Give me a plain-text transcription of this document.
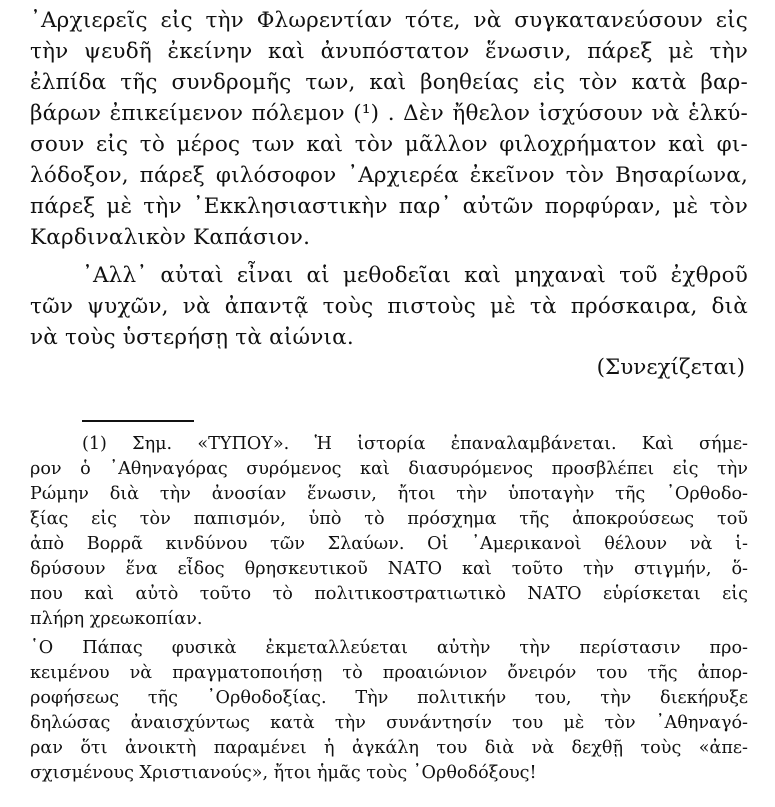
᾿Αρχιερεῖς εἰς τὴν Φλωρεντίαν τότε, νὰ συγκατανεύσουν εἰς
τὴν ψευδῆ ἐκείνην καὶ ἀνυπόστατον ἕνωσιν, πάρεξ μὲ τὴν
ἐλπίδα τῆς συνδρομῆς των, καὶ βοηθείας εἰς τὸν κατὰ βαρ-
βάρων ἐπικείμενον πόλεμον (¹) . Δὲν ἤθελον ἰσχύσουν νὰ ἑλκύ-
σουν εἰς τὸ μέρος των καὶ τὸν μᾶλλον φιλοχρήματον καὶ φι-
λόδοξον, πάρεξ φιλόσοφον ᾿Αρχιερέα ἐκεῖνον τὸν Βησαρίωνα,
πάρεξ μὲ τὴν ᾿Εκκλησιαστικὴν παρ᾿ αὐτῶν πορφύραν, μὲ τὸν
Καρδιναλικὸν Καπάσιον.
᾿Αλλ᾿ αὐταὶ εἶναι αἱ μεθοδεῖαι καὶ μηχαναὶ τοῦ ἐχθροῦ
τῶν ψυχῶν, νὰ ἀπαντᾷ τοὺς πιστοὺς μὲ τὰ πρόσκαιρα, διὰ
νὰ τοὺς ὑστερήσῃ τὰ αἰώνια.
(Συνεχίζεται)
(1) Σημ. «ΤΥΠΟΥ». Ἡ ἱστορία ἐπαναλαμβάνεται. Καὶ σήμε-
ρον ὁ ᾿Αθηναγόρας συρόμενος καὶ διασυρόμενος προσβλέπει εἰς τὴν
Ρώμην διὰ τὴν ἀνοσίαν ἕνωσιν, ἤτοι τὴν ὑποταγὴν τῆς ᾿Ορθοδο-
ξίας εἰς τὸν παπισμόν, ὑπὸ τὸ πρόσχημα τῆς ἀποκρούσεως τοῦ
ἀπὸ Βορρᾶ κινδύνου τῶν Σλαύων. Οἱ ᾿Αμερικανοὶ θέλουν νὰ ἱ-
δρύσουν ἕνα εἶδος θρησκευτικοῦ ΝΑΤΟ καὶ τοῦτο τὴν στιγμήν, ὅ-
που καὶ αὐτὸ τοῦτο τὸ πολιτικοστρατιωτικὸ ΝΑΤΟ εὑρίσκεται εἰς
πλήρη χρεωκοπίαν.
῾Ο Πάπας φυσικὰ ἐκμεταλλεύεται αὐτὴν τὴν περίστασιν προ-
κειμένου νὰ πραγματοποιήσῃ τὸ προαιώνιον ὄνειρόν του τῆς ἀπορ-
ροφήσεως τῆς ᾿Ορθοδοξίας. Τὴν πολιτικήν του, τὴν διεκήρυξε
δηλώσας ἀναισχύντως κατὰ τὴν συνάντησίν του μὲ τὸν ᾿Αθηναγό-
ραν ὅτι ἀνοικτὴ παραμένει ἡ ἀγκάλη του διὰ νὰ δεχθῇ τοὺς «ἀπε-
σχισμένους Χριστιανούς», ἤτοι ἡμᾶς τοὺς ᾿Ορθοδόξους!
